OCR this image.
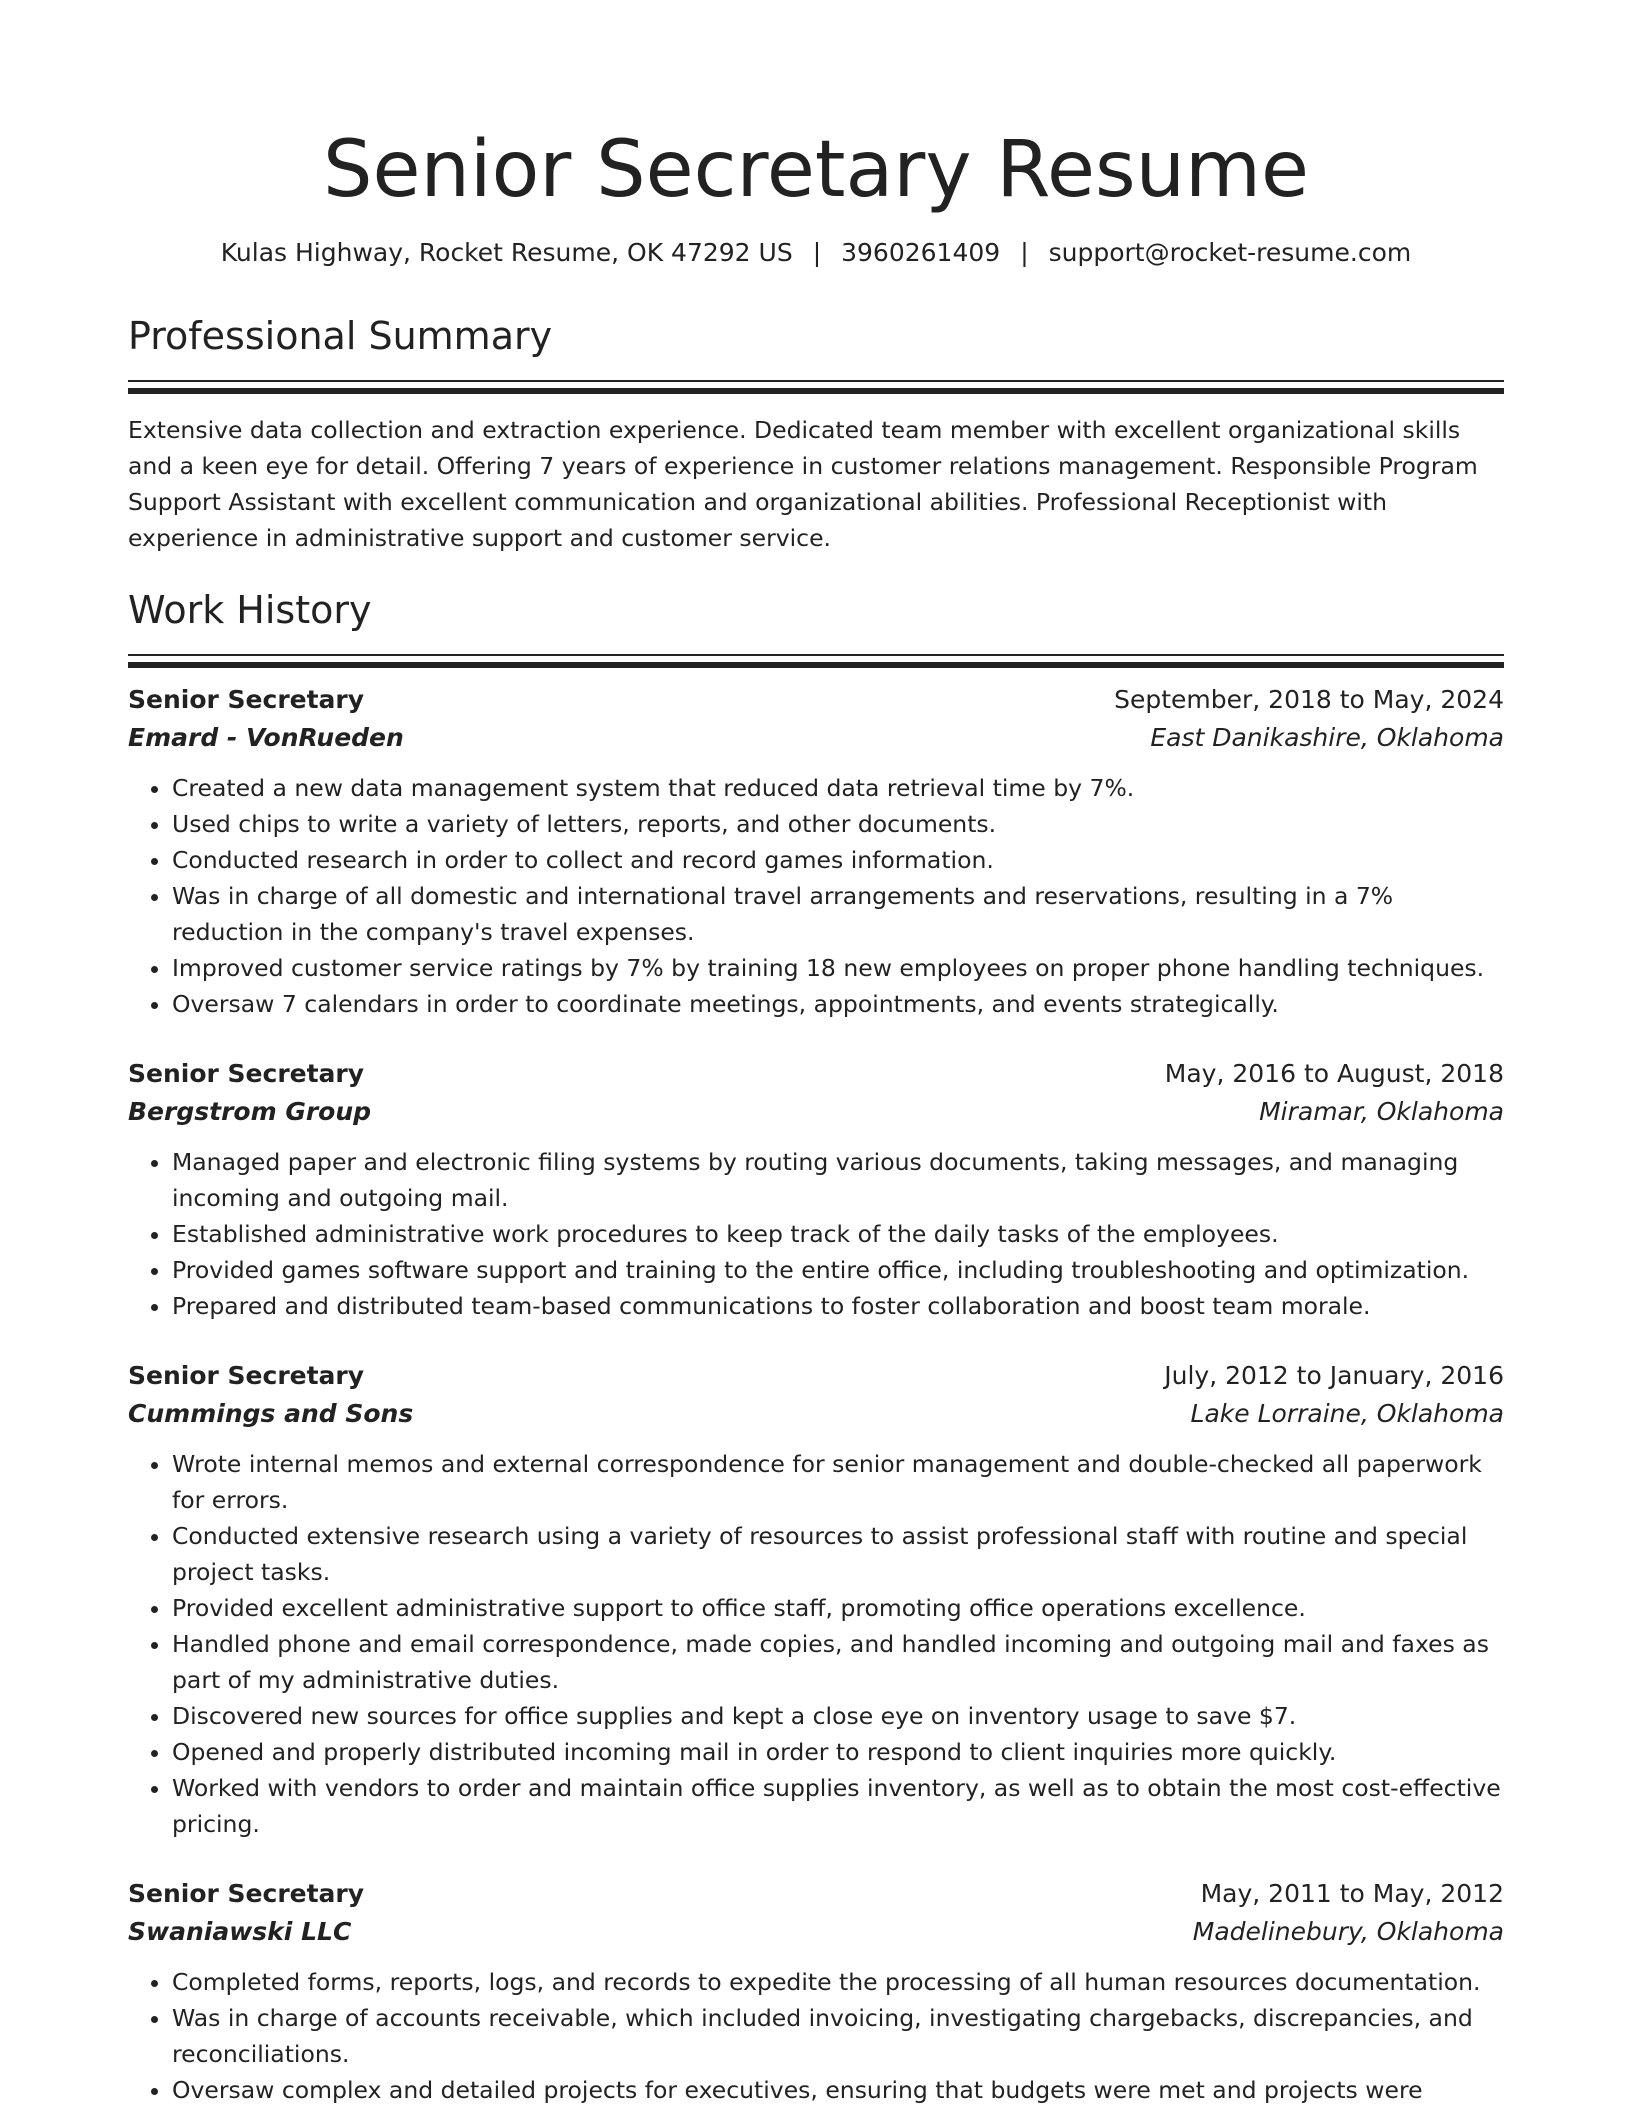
Senior Secretary Resume
Kulas Highway, Rocket Resume, OK 47292 US | 3960261409 | support@rocket-resume.com
Professional Summary

Extensive data collection and extraction experience. Dedicated team member with excellent organizational skills and a keen eye for detail. Offering 7 years of experience in customer relations management. Responsible Program Support Assistant with excellent communication and organizational abilities. Professional Receptionist with experience in administrative support and customer service.

Work History
Senior Secretary	September, 2018 to May, 2024
Emard - VonRueden	East Danikashire, Oklahoma
• Created a new data management system that reduced data retrieval time by 7%.
• Used chips to write a variety of letters, reports, and other documents.
• Conducted research in order to collect and record games information.
• Was in charge of all domestic and international travel arrangements and reservations, resulting in a 7% reduction in the company's travel expenses.
• Improved customer service ratings by 7% by training 18 new employees on proper phone handling techniques.
• Oversaw 7 calendars in order to coordinate meetings, appointments, and events strategically.
Senior Secretary	May, 2016 to August, 2018
Bergstrom Group	Miramar, Oklahoma
• Managed paper and electronic filing systems by routing various documents, taking messages, and managing incoming and outgoing mail.
• Established administrative work procedures to keep track of the daily tasks of the employees.
• Provided games software support and training to the entire office, including troubleshooting and optimization.
• Prepared and distributed team-based communications to foster collaboration and boost team morale.
Senior Secretary	July, 2012 to January, 2016
Cummings and Sons	Lake Lorraine, Oklahoma
• Wrote internal memos and external correspondence for senior management and double-checked all paperwork for errors.
• Conducted extensive research using a variety of resources to assist professional staff with routine and special project tasks.
• Provided excellent administrative support to office staff, promoting office operations excellence.
• Handled phone and email correspondence, made copies, and handled incoming and outgoing mail and faxes as part of my administrative duties.
• Discovered new sources for office supplies and kept a close eye on inventory usage to save $7.
• Opened and properly distributed incoming mail in order to respond to client inquiries more quickly.
• Worked with vendors to order and maintain office supplies inventory, as well as to obtain the most cost-effective pricing.
Senior Secretary	May, 2011 to May, 2012
Swaniawski LLC	Madelinebury, Oklahoma
• Completed forms, reports, logs, and records to expedite the processing of all human resources documentation.
• Was in charge of accounts receivable, which included invoicing, investigating chargebacks, discrepancies, and reconciliations.
• Oversaw complex and detailed projects for executives, ensuring that budgets were met and projects were
